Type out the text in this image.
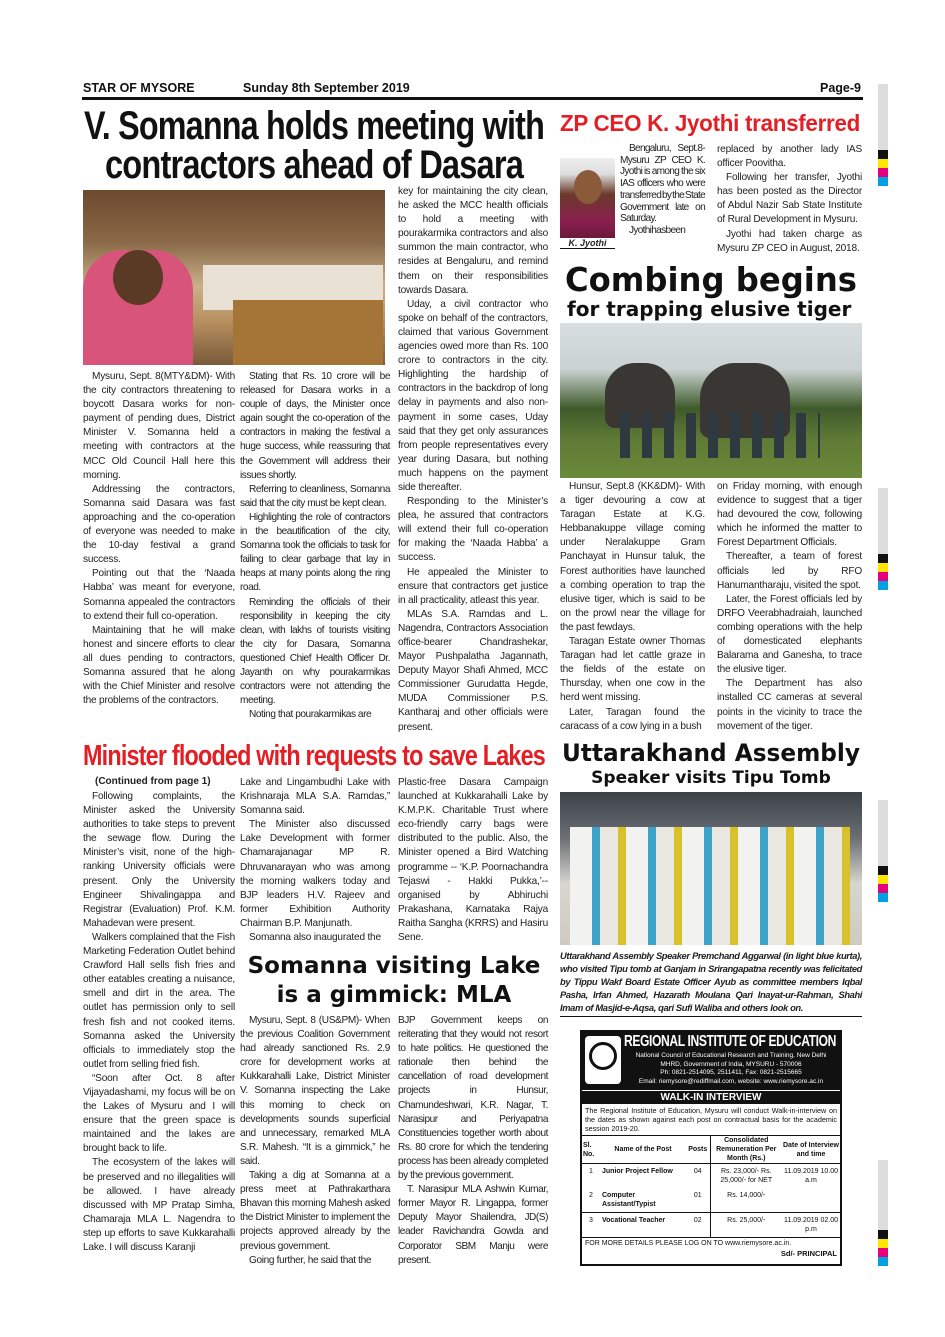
STAR OF MYSORE	Sunday 8th September 2019	Page-9
V. Somanna holds meeting with
contractors ahead of Dasara

Mysuru, Sept. 8(MTY&DM)- With the city contractors threatening to boycott Dasara works for non-payment of pending dues, District Minister V. Somanna held a meeting with contractors at the MCC Old Council Hall here this morning.

Addressing the contractors, Somanna said Dasara was fast approaching and the co-operation of everyone was needed to make the 10-day festival a grand success.

Pointing out that the ‘Naada Habba’ was meant for everyone, Somanna appealed the contractors to extend their full co-operation.

Maintaining that he will make honest and sincere efforts to clear all dues pending to contractors, Somanna assured that he along with the Chief Minister and resolve the problems of the contractors.

Stating that Rs. 10 crore will be released for Dasara works in a couple of days, the Minister once again sought the co-operation of the contractors in making the festival a huge success, while reassuring that the Government will address their issues shortly.

Referring to cleanliness, Somanna said that the city must be kept clean.

Highlighting the role of contractors in the beautification of the city, Somanna took the officials to task for failing to clear garbage that lay in heaps at many points along the ring road.

Reminding the officials of their responsibility in keeping the city clean, with lakhs of tourists visiting the city for Dasara, Somanna questioned Chief Health Officer Dr. Jayanth on why pourakarmikas contractors were not attending the meeting.

Noting that pourakarmikas are

key for maintaining the city clean, he asked the MCC health officials to hold a meeting with pourakarmika contractors and also summon the main contractor, who resides at Bengaluru, and remind them on their responsibilities towards Dasara.

Uday, a civil contractor who spoke on behalf of the contractors, claimed that various Government agencies owed more than Rs. 100 crore to contractors in the city. Highlighting the hardship of contractors in the backdrop of long delay in payments and also non-payment in some cases, Uday said that they get only assurances from people representatives every year during Dasara, but nothing much happens on the payment side thereafter.

Responding to the Minister’s plea, he assured that contractors will extend their full co-operation for making the ‘Naada Habba’ a success.

He appealed the Minister to ensure that contractors get justice in all practicality, atleast this year.

MLAs S.A. Ramdas and L. Nagendra, Contractors Association office-bearer Chandrashekar, Mayor Pushpalatha Jagannath, Deputy Mayor Shafi Ahmed, MCC Commissioner Gurudatta Hegde, MUDA Commissioner P.S. Kantharaj and other officials were present.

ZP CEO K. Jyothi transferred
K. Jyothi

Bengaluru, Sept.8- Mysuru ZP CEO K. Jyothi is among the six IAS officers who were transferred by the State Government late on Saturday.

Jyothi has been

replaced by another lady IAS officer Poovitha.

Following her transfer, Jyothi has been posted as the Director of Abdul Nazir Sab State Institute of Rural Development in Mysuru.

Jyothi had taken charge as Mysuru ZP CEO in August, 2018.

Combing begins
for trapping elusive tiger

Hunsur, Sept.8 (KK&DM)- With a tiger devouring a cow at Taragan Estate at K.G. Hebbanakuppe village coming under Neralakuppe Gram Panchayat in Hunsur taluk, the Forest authorities have launched a combing operation to trap the elusive tiger, which is said to be on the prowl near the village for the past fewdays.

Taragan Estate owner Thomas Taragan had let cattle graze in the fields of the estate on Thursday, when one cow in the herd went missing.

Later, Taragan found the caracass of a cow lying in a bush

on Friday morning, with enough evidence to suggest that a tiger had devoured the cow, following which he informed the matter to Forest Department Officials.

Thereafter, a team of forest officials led by RFO Hanumantharaju, visited the spot.

Later, the Forest officials led by DRFO Veerabhadraiah, launched combing operations with the help of domesticated elephants Balarama and Ganesha, to trace the elusive tiger.

The Department has also installed CC cameras at several points in the vicinity to trace the movement of the tiger.

Minister flooded with requests to save Lakes
(Continued from page 1)

Following complaints, the Minister asked the University authorities to take steps to prevent the sewage flow. During the Minister’s visit, none of the high-ranking University officials were present. Only the University Engineer Shivalingappa and Registrar (Evaluation) Prof. K.M. Mahadevan were present.

Walkers complained that the Fish Marketing Federation Outlet behind Crawford Hall sells fish fries and other eatables creating a nuisance, smell and dirt in the area. The outlet has permission only to sell fresh fish and not cooked items. Somanna asked the University officials to immediately stop the outlet from selling fried fish.

“Soon after Oct. 8 after Vijayadashami, my focus will be on the Lakes of Mysuru and I will ensure that the green space is maintained and the lakes are brought back to life.

The ecosystem of the lakes will be preserved and no illegalities will be allowed. I have already discussed with MP Pratap Simha, Chamaraja MLA L. Nagendra to step up efforts to save Kukkarahalli Lake. I will discuss Karanji

Lake and Lingambudhi Lake with Krishnaraja MLA S.A. Ramdas,” Somanna said.

The Minister also discussed Lake Development with former Chamarajanagar MP R. Dhruvanarayan who was among the morning walkers today and BJP leaders H.V. Rajeev and former Exhibition Authority Chairman B.P. Manjunath.

Somanna also inaugurated the

Plastic-free Dasara Campaign launched at Kukkarahalli Lake by K.M.P.K. Charitable Trust where eco-friendly carry bags were distributed to the public. Also, the Minister opened a Bird Watching programme -- ‘K.P. Poornachandra Tejaswi - Hakki Pukka,’-- organised by Abhiruchi Prakashana, Karnataka Rajya Raitha Sangha (KRRS) and Hasiru Sene.

Somanna visiting Lake
is a gimmick: MLA

Mysuru, Sept. 8 (US&PM)- When the previous Coalition Government had already sanctioned Rs. 2.9 crore for development works at Kukkarahalli Lake, District Minister V. Somanna inspecting the Lake this morning to check on developments sounds superficial and unnecessary, remarked MLA S.R. Mahesh. “It is a gimmick,” he said.

Taking a dig at Somanna at a press meet at Pathrakarthara Bhavan this morning Mahesh asked the District Minister to implement the projects approved already by the previous government.

Going further, he said that the

BJP Government keeps on reiterating that they would not resort to hate politics. He questioned the rationale then behind the cancellation of road development projects in Hunsur, Chamundeshwari, K.R. Nagar, T. Narasipur and Periyapatna Constituencies together worth about Rs. 80 crore for which the tendering process has been already completed by the previous government.

T. Narasipur MLA Ashwin Kumar, former Mayor R. Lingappa, former Deputy Mayor Shailendra, JD(S) leader Ravichandra Gowda and Corporator SBM Manju were present.

Uttarakhand Assembly
Speaker visits Tipu Tomb
Uttarakhand Assembly Speaker Premchand Aggarwal (in light blue kurta), who visited Tipu tomb at Ganjam in Srirangapatna recently was felicitated by Tippu Wakf Board Estate Officer Ayub as committee members Iqbal Pasha, Irfan Ahmed, Hazarath Moulana Qari Inayat-ur-Rahman, Shahi Imam of Masjid-e-Aqsa, qari Sufi Waliba and others look on.
REGIONAL INSTITUTE OF EDUCATION
National Council of Educational Research and Training, New Delhi
MHRD, Government of India, MYSURU - 570006
Ph: 0821-2514095, 2511411, Fax: 0821-2515665
Email: riemysore@rediffmail.com, website: www.riemysore.ac.in
WALK-IN INTERVIEW
The Regional Institute of Education, Mysuru will conduct Walk-in-interview on the dates as shown against each post on contractual basis for the academic session 2019-20.
Sl. No.	Name of the Post	Posts	Consolidated Remuneration Per Month (Rs.)	Date of Interview and time
1	Junior Project Fellow	04	Rs. 23,000/- Rs. 25,000/- for NET	11.09.2019 10.00 a.m
2	Computer Assistant/Typist	01	Rs. 14,000/-	
3	Vocational Teacher	02	Rs. 25,000/-	11.09.2019 02.00 p.m
FOR MORE DETAILS PLEASE LOG ON TO www.riemysore.ac.in.
Sd/- PRINCIPAL
